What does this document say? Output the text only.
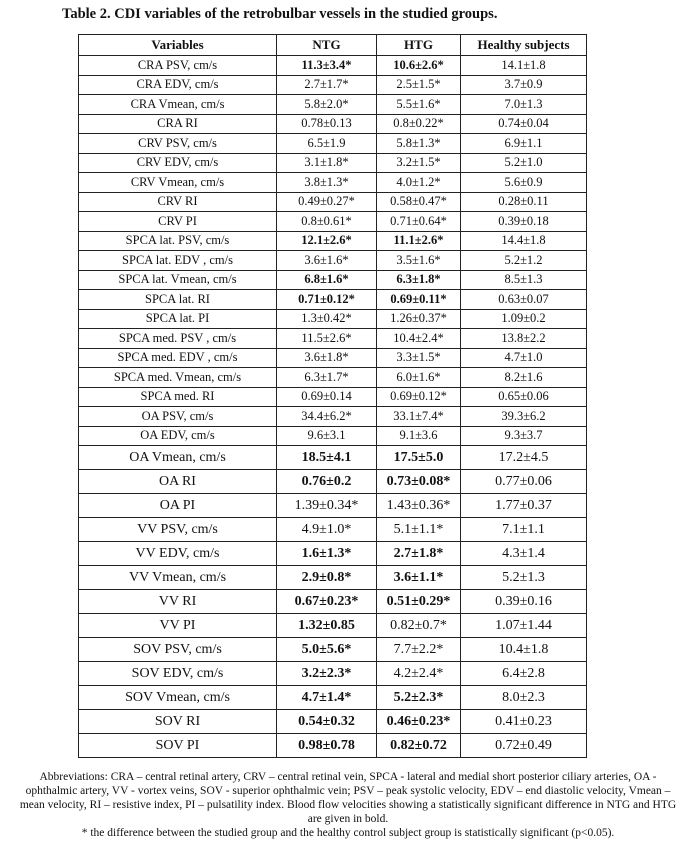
Table 2. CDI variables of the retrobulbar vessels in the studied groups.
Variables	NTG	HTG	Healthy subjects
CRA PSV, cm/s	11.3±3.4*	10.6±2.6*	14.1±1.8
CRA EDV, cm/s	2.7±1.7*	2.5±1.5*	3.7±0.9
CRA Vmean, cm/s	5.8±2.0*	5.5±1.6*	7.0±1.3
CRA RI	0.78±0.13	0.8±0.22*	0.74±0.04
CRV PSV, cm/s	6.5±1.9	5.8±1.3*	6.9±1.1
CRV EDV, cm/s	3.1±1.8*	3.2±1.5*	5.2±1.0
CRV Vmean, cm/s	3.8±1.3*	4.0±1.2*	5.6±0.9
CRV RI	0.49±0.27*	0.58±0.47*	0.28±0.11
CRV PI	0.8±0.61*	0.71±0.64*	0.39±0.18
SPCA lat. PSV, cm/s	12.1±2.6*	11.1±2.6*	14.4±1.8
SPCA lat. EDV , cm/s	3.6±1.6*	3.5±1.6*	5.2±1.2
SPCA lat. Vmean, cm/s	6.8±1.6*	6.3±1.8*	8.5±1.3
SPCA lat. RI	0.71±0.12*	0.69±0.11*	0.63±0.07
SPCA lat. PI	1.3±0.42*	1.26±0.37*	1.09±0.2
SPCA med. PSV , cm/s	11.5±2.6*	10.4±2.4*	13.8±2.2
SPCA med. EDV , cm/s	3.6±1.8*	3.3±1.5*	4.7±1.0
SPCA med. Vmean, cm/s	6.3±1.7*	6.0±1.6*	8.2±1.6
SPCA med. RI	0.69±0.14	0.69±0.12*	0.65±0.06
OA PSV, cm/s	34.4±6.2*	33.1±7.4*	39.3±6.2
OA EDV, cm/s	9.6±3.1	9.1±3.6	9.3±3.7
OA Vmean, cm/s	18.5±4.1	17.5±5.0	17.2±4.5
OA RI	0.76±0.2	0.73±0.08*	0.77±0.06
OA PI	1.39±0.34*	1.43±0.36*	1.77±0.37
VV PSV, cm/s	4.9±1.0*	5.1±1.1*	7.1±1.1
VV EDV, cm/s	1.6±1.3*	2.7±1.8*	4.3±1.4
VV Vmean, cm/s	2.9±0.8*	3.6±1.1*	5.2±1.3
VV RI	0.67±0.23*	0.51±0.29*	0.39±0.16
VV PI	1.32±0.85	0.82±0.7*	1.07±1.44
SOV PSV, cm/s	5.0±5.6*	7.7±2.2*	10.4±1.8
SOV EDV, cm/s	3.2±2.3*	4.2±2.4*	6.4±2.8
SOV Vmean, cm/s	4.7±1.4*	5.2±2.3*	8.0±2.3
SOV RI	0.54±0.32	0.46±0.23*	0.41±0.23
SOV PI	0.98±0.78	0.82±0.72	0.72±0.49

Abbreviations: CRA – central retinal artery, CRV – central retinal vein, SPCA - lateral and medial short posterior ciliary arteries, OA - ophthalmic artery, VV - vortex veins, SOV - superior ophthalmic vein; PSV – peak systolic velocity, EDV – end diastolic velocity, Vmean – mean velocity, RI – resistive index, PI – pulsatility index. Blood flow velocities showing a statistically significant difference in NTG and HTG are given in bold.

* the difference between the studied group and the healthy control subject group is statistically significant (p<0.05).
